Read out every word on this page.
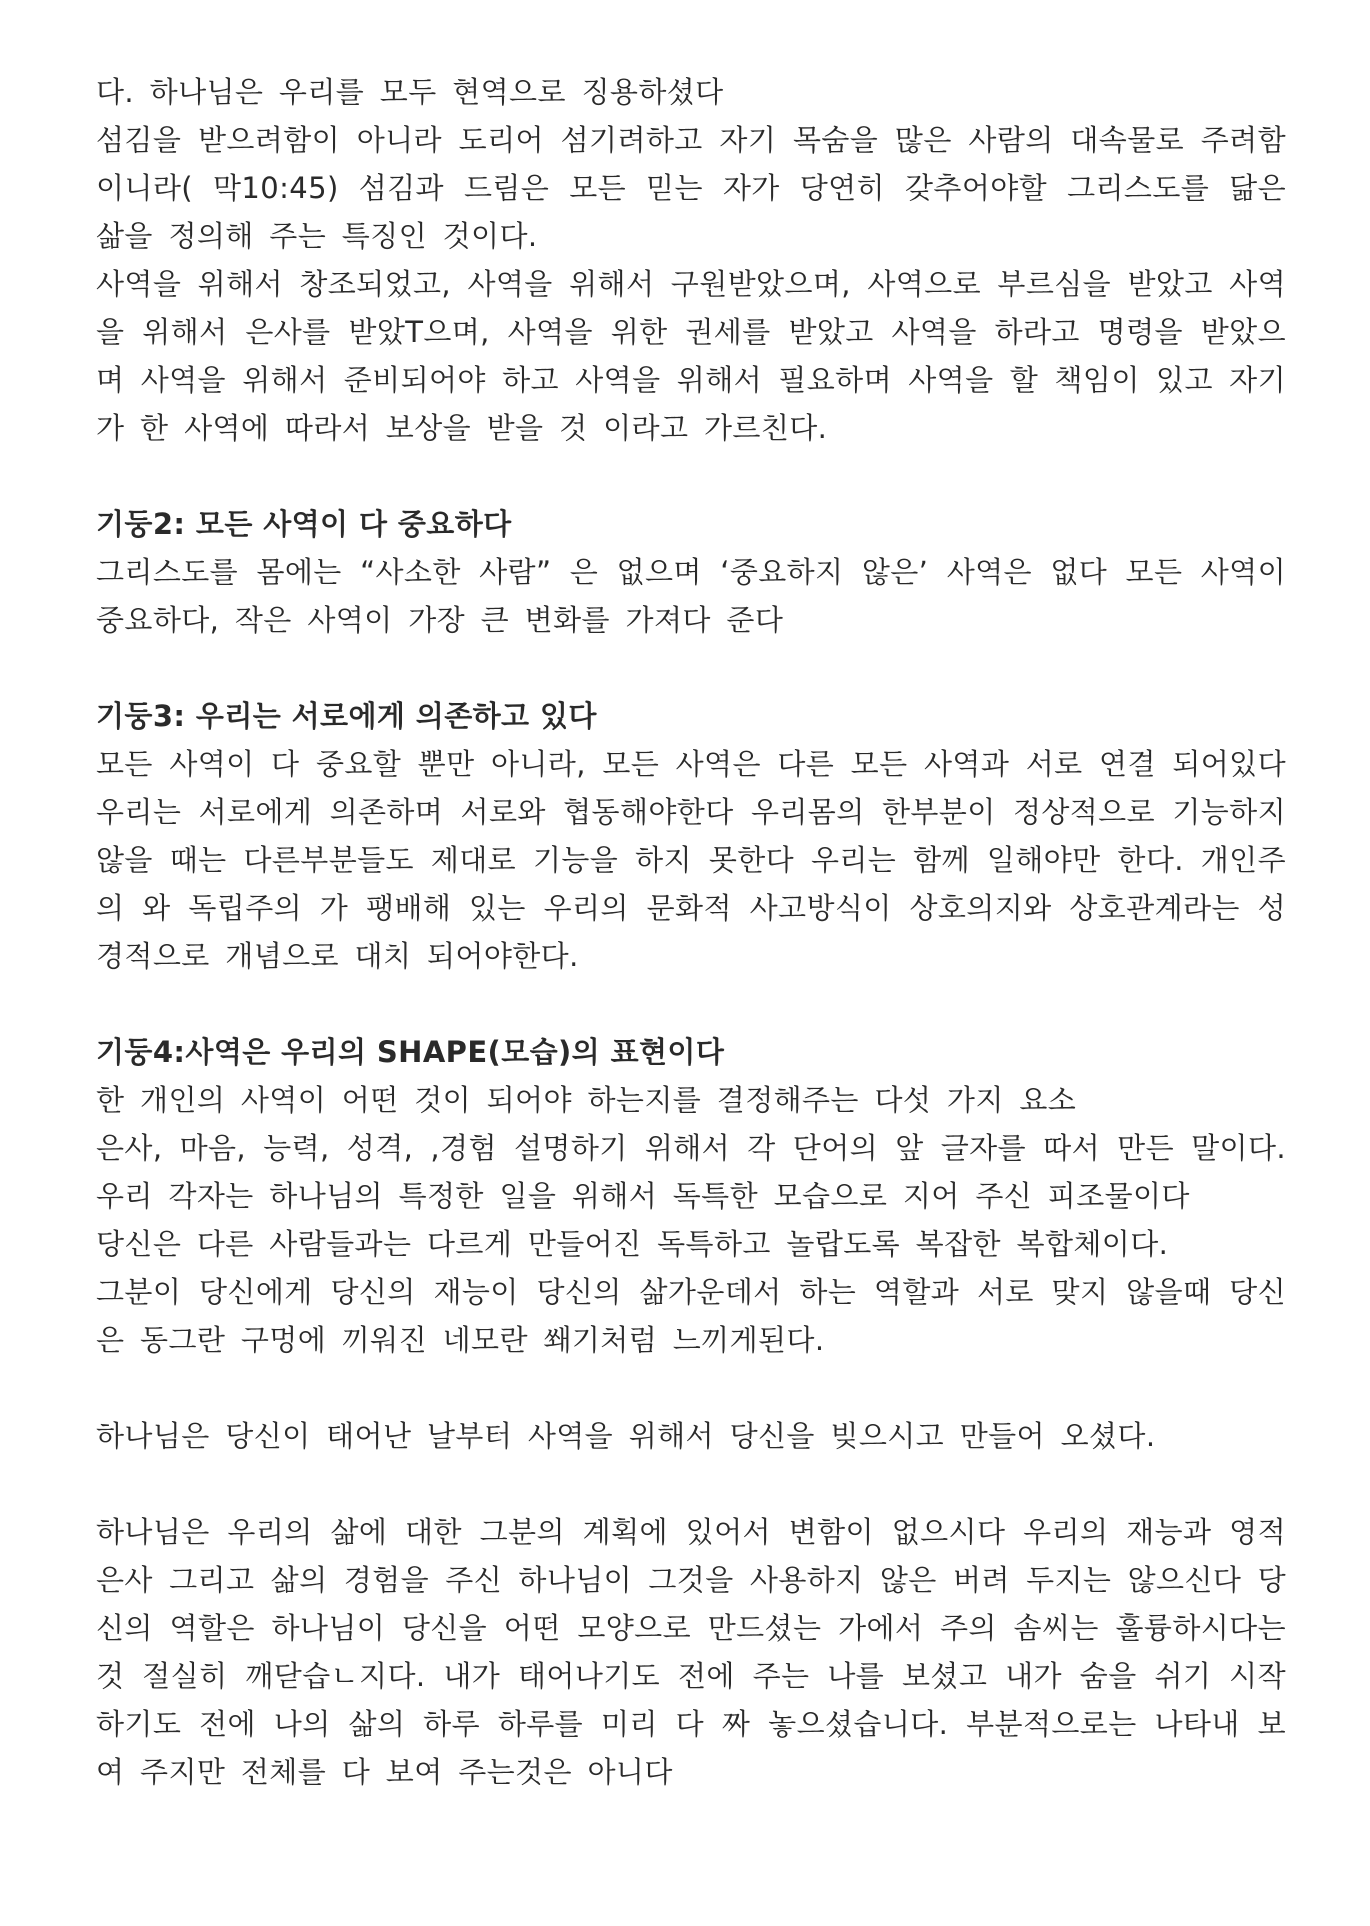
다. 하나님은 우리를 모두 현역으로 징용하셨다

섬김을 받으려함이 아니라 도리어 섬기려하고 자기 목숨을 많은 사람의 대속물로 주려함 이니라( 막10:45) 섬김과 드림은 모든 믿는 자가 당연히 갖추어야할 그리스도를 닮은 삶을 정의해 주는 특징인 것이다.

사역을 위해서 창조되었고, 사역을 위해서 구원받았으며, 사역으로 부르심을 받았고 사역을 위해서 은사를 받았T으며, 사역을 위한 권세를 받았고 사역을 하라고 명령을 받았으며 사역을 위해서 준비되어야 하고 사역을 위해서 필요하며 사역을 할 책임이 있고 자기가 한 사역에 따라서 보상을 받을 것 이라고 가르친다.

기둥2: 모든 사역이 다 중요하다

그리스도를 몸에는 “사소한 사람” 은 없으며 ‘중요하지 않은’ 사역은 없다 모든 사역이 중요하다, 작은 사역이 가장 큰 변화를 가져다 준다

기둥3: 우리는 서로에게 의존하고 있다

모든 사역이 다 중요할 뿐만 아니라, 모든 사역은 다른 모든 사역과 서로 연결 되어있다 우리는 서로에게 의존하며 서로와 협동해야한다 우리몸의 한부분이 정상적으로 기능하지 않을 때는 다른부분들도 제대로 기능을 하지 못한다 우리는 함께 일해야만 한다. 개인주의 와 독립주의 가 팽배해 있는 우리의 문화적 사고방식이 상호의지와 상호관계라는 성경적으로 개념으로 대치 되어야한다.

기둥4:사역은 우리의 SHAPE(모습)의 표현이다

한 개인의 사역이 어떤 것이 되어야 하는지를 결정해주는 다섯 가지 요소

은사, 마음, 능력, 성격, ,경험 설명하기 위해서 각 단어의 앞 글자를 따서 만든 말이다. 우리 각자는 하나님의 특정한 일을 위해서 독특한 모습으로 지어 주신 피조물이다

당신은 다른 사람들과는 다르게 만들어진 독특하고 놀랍도록 복잡한 복합체이다.

그분이 당신에게 당신의 재능이 당신의 삶가운데서 하는 역할과 서로 맞지 않을때 당신은 동그란 구멍에 끼워진 네모란 쐐기처럼 느끼게된다.

하나님은 당신이 태어난 날부터 사역을 위해서 당신을 빚으시고 만들어 오셨다.

하나님은 우리의 삶에 대한 그분의 계획에 있어서 변함이 없으시다 우리의 재능과 영적은사 그리고 삶의 경험을 주신 하나님이 그것을 사용하지 않은 버려 두지는 않으신다 당신의 역할은 하나님이 당신을 어떤 모양으로 만드셨는 가에서 주의 솜씨는 훌륭하시다는 것 절실히 깨닫습ㄴ지다. 내가 태어나기도 전에 주는 나를 보셨고 내가 숨을 쉬기 시작하기도 전에 나의 삶의 하루 하루를 미리 다 짜 놓으셨습니다. 부분적으로는 나타내 보여 주지만 전체를 다 보여 주는것은 아니다
